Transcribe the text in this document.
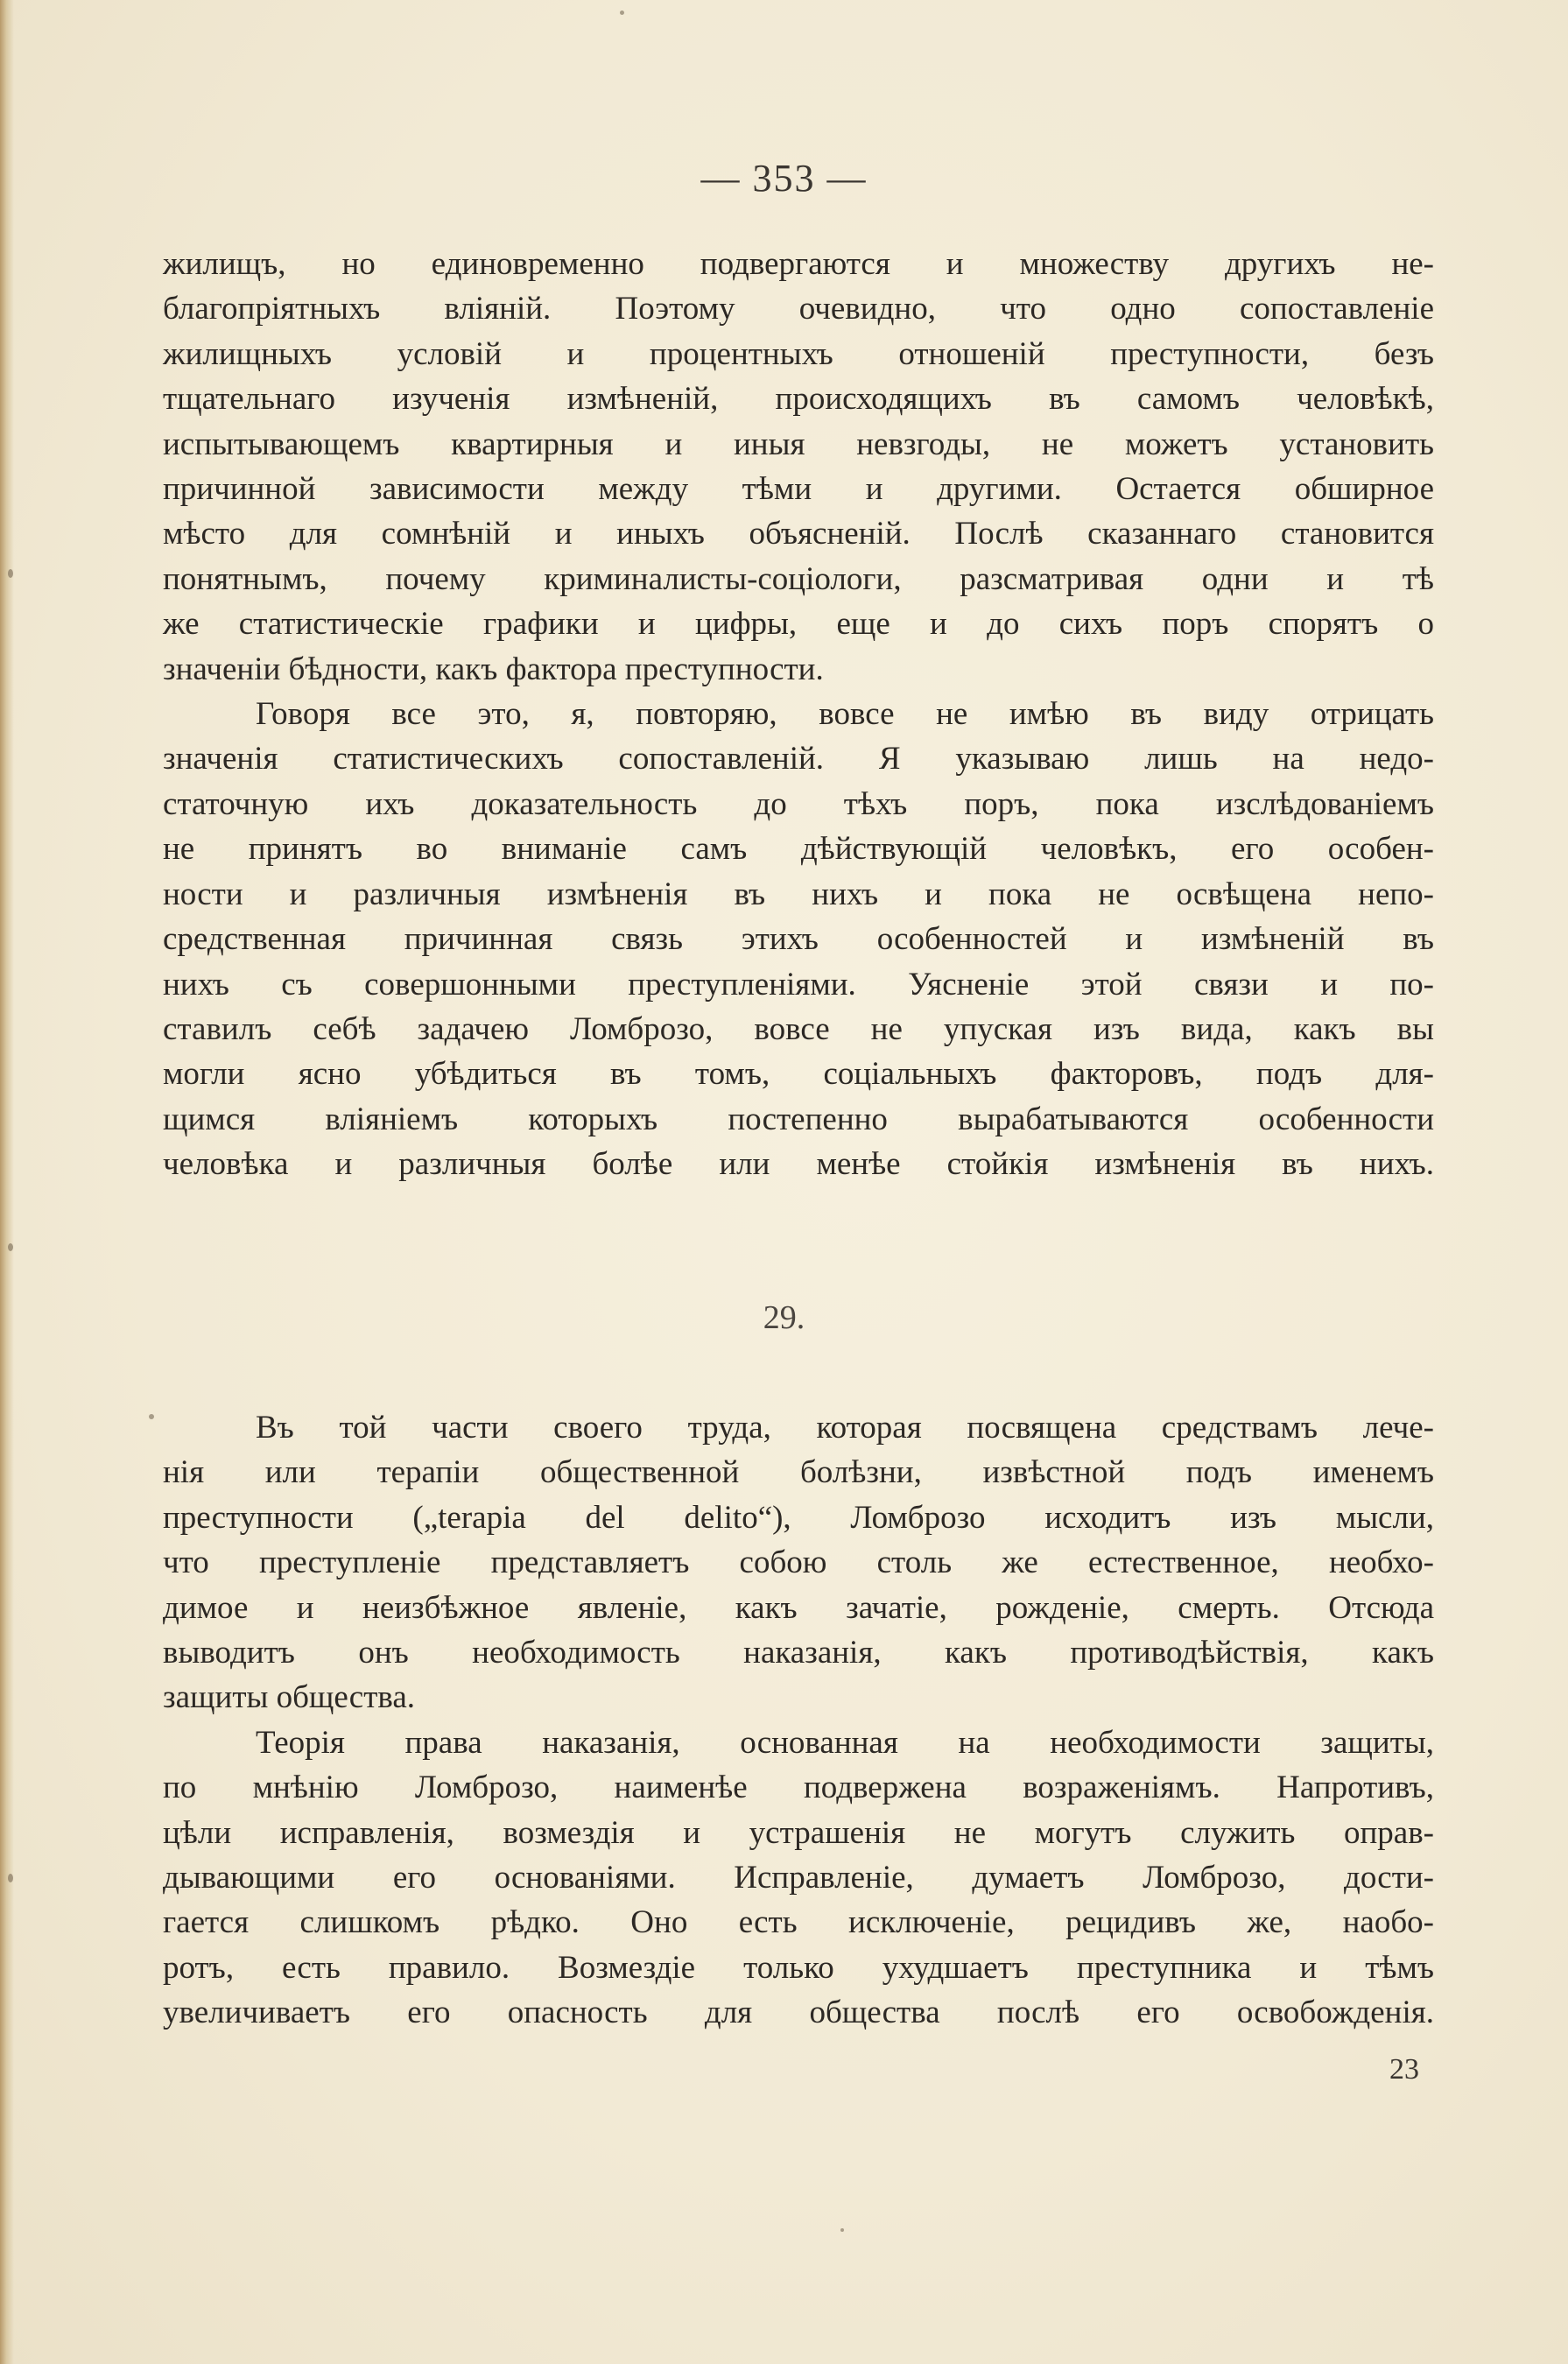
— 353 —
жилищъ, но единовременно подвергаются и множеству другихъ не-
благопріятныхъ вліяній. Поэтому очевидно, что одно сопоставленіе
жилищныхъ условій и процентныхъ отношеній преступности, безъ
тщательнаго изученія измѣненій, происходящихъ въ самомъ человѣкѣ,
испытывающемъ квартирныя и иныя невзгоды, не можетъ установить
причинной зависимости между тѣми и другими. Остается обширное
мѣсто для сомнѣній и иныхъ объясненій. Послѣ сказаннаго становится
понятнымъ, почему криминалисты-соціологи, разсматривая одни и тѣ
же статистическіе графики и цифры, еще и до сихъ поръ спорятъ о
значеніи бѣдности, какъ фактора преступности.
Говоря все это, я, повторяю, вовсе не имѣю въ виду отрицать
значенія статистическихъ сопоставленій. Я указываю лишь на недо-
статочную ихъ доказательность до тѣхъ поръ, пока изслѣдованіемъ
не принятъ во вниманіе самъ дѣйствующій человѣкъ, его особен-
ности и различныя измѣненія въ нихъ и пока не освѣщена непо-
средственная причинная связь этихъ особенностей и измѣненій въ
нихъ съ совершонными преступленіями. Уясненіе этой связи и по-
ставилъ себѣ задачею Ломброзо, вовсе не упуская изъ вида, какъ вы
могли ясно убѣдиться въ томъ, соціальныхъ факторовъ, подъ для-
щимся вліяніемъ которыхъ постепенно вырабатываются особенности
человѣка и различныя болѣе или менѣе стойкія измѣненія въ нихъ.
29.
Въ той части своего труда, которая посвящена средствамъ лече-
нія или терапіи общественной болѣзни, извѣстной подъ именемъ
преступности („terapia del delito“), Ломброзо исходитъ изъ мысли,
что преступленіе представляетъ собою столь же естественное, необхо-
димое и неизбѣжное явленіе, какъ зачатіе, рожденіе, смерть. Отсюда
выводитъ онъ необходимость наказанія, какъ противодѣйствія, какъ
защиты общества.
Теорія права наказанія, основанная на необходимости защиты,
по мнѣнію Ломброзо, наименѣе подвержена возраженіямъ. Напротивъ,
цѣли исправленія, возмездія и устрашенія не могутъ служить оправ-
дывающими его основаніями. Исправленіе, думаетъ Ломброзо, дости-
гается слишкомъ рѣдко. Оно есть исключеніе, рецидивъ же, наобо-
ротъ, есть правило. Возмездіе только ухудшаетъ преступника и тѣмъ
увеличиваетъ его опасность для общества послѣ его освобожденія.
23
